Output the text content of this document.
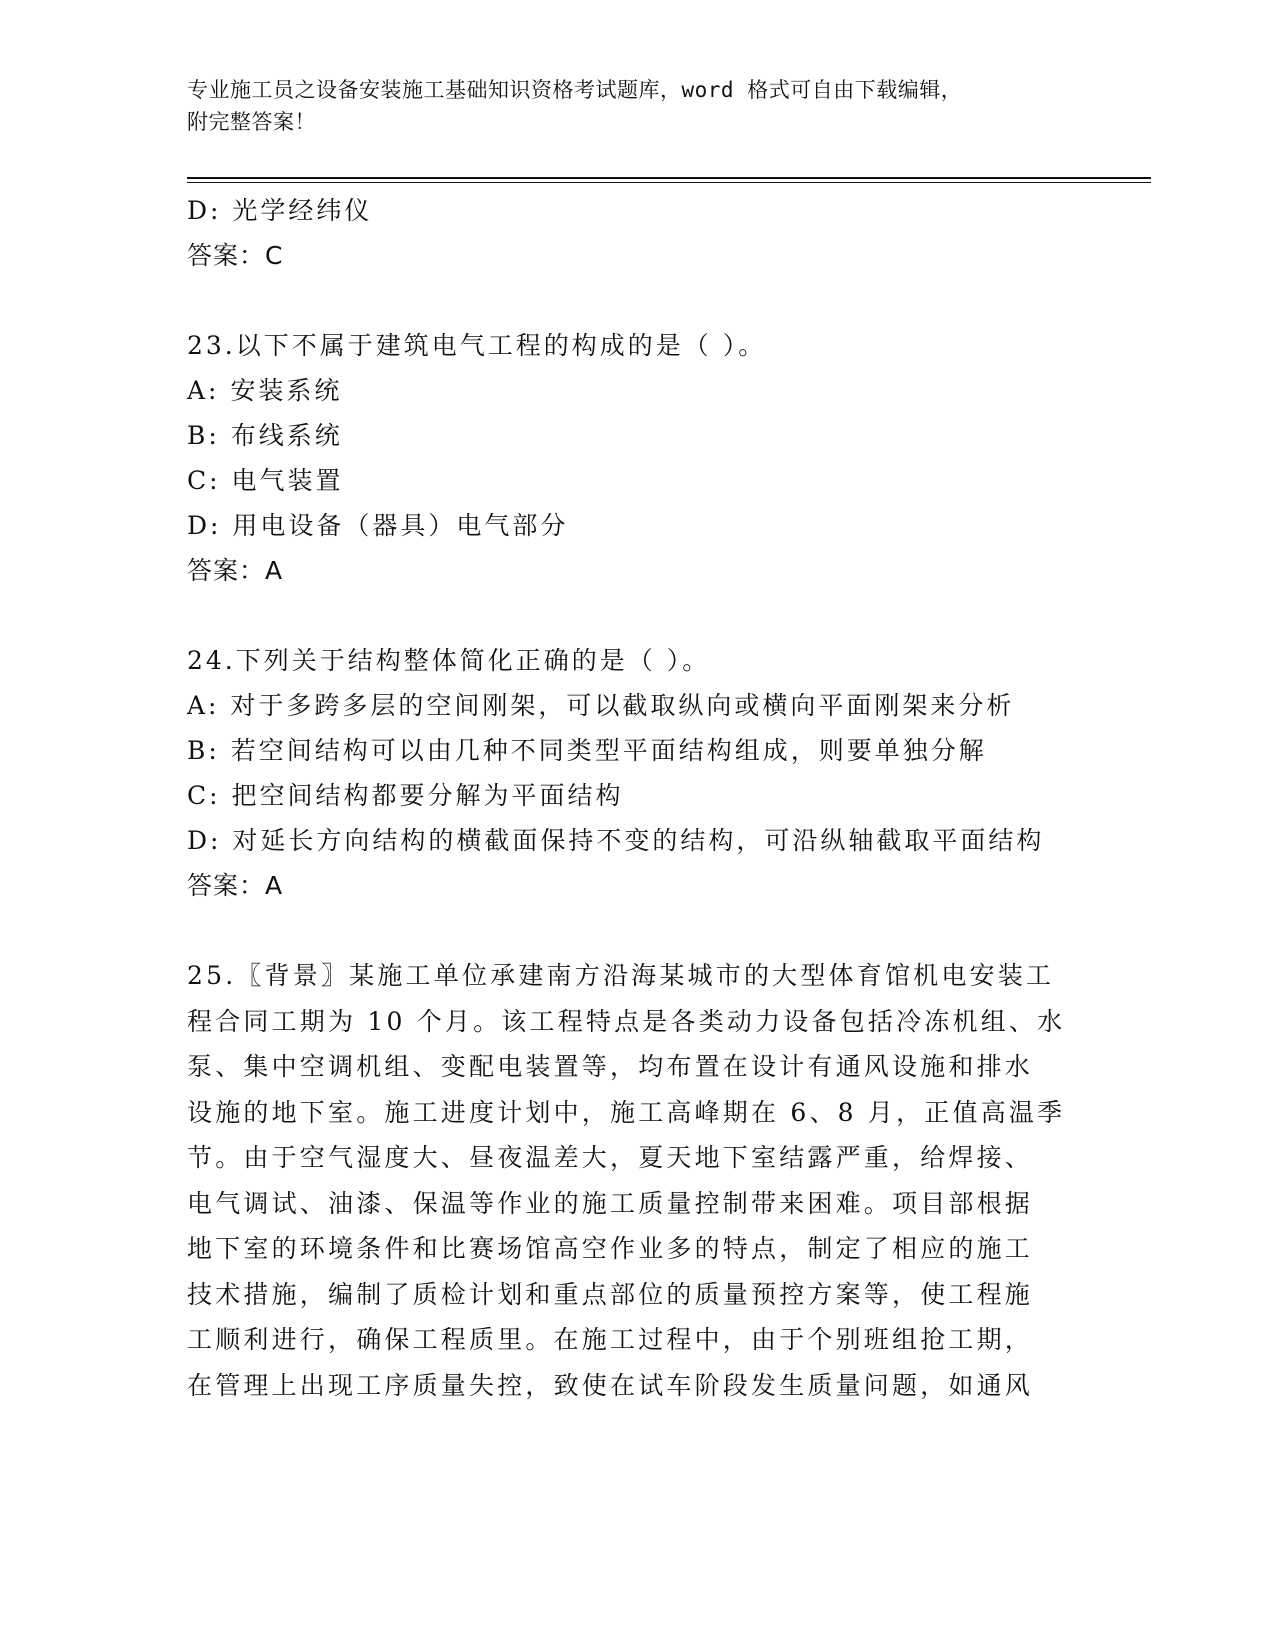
专业施工员之设备安装施工基础知识资格考试题库，word 格式可自由下载编辑，
附完整答案！
D: 光学经纬仪
答案：C
23.以下不属于建筑电气工程的构成的是（ ）。
A: 安装系统
B: 布线系统
C: 电气装置
D: 用电设备（器具）电气部分
答案：A
24.下列关于结构整体简化正确的是（ ）。
A: 对于多跨多层的空间刚架，可以截取纵向或横向平面刚架来分析
B: 若空间结构可以由几种不同类型平面结构组成，则要单独分解
C: 把空间结构都要分解为平面结构
D: 对延长方向结构的横截面保持不变的结构，可沿纵轴截取平面结构
答案：A
25.〖背景〗某施工单位承建南方沿海某城市的大型体育馆机电安装工
程合同工期为 10 个月。该工程特点是各类动力设备包括冷冻机组、水
泵、集中空调机组、变配电装置等，均布置在设计有通风设施和排水
设施的地下室。施工进度计划中，施工高峰期在 6、8 月，正值高温季
节。由于空气湿度大、昼夜温差大，夏天地下室结露严重，给焊接、
电气调试、油漆、保温等作业的施工质量控制带来困难。项目部根据
地下室的环境条件和比赛场馆高空作业多的特点，制定了相应的施工
技术措施，编制了质检计划和重点部位的质量预控方案等，使工程施
工顺利进行，确保工程质里。在施工过程中，由于个别班组抢工期，
在管理上出现工序质量失控，致使在试车阶段发生质量问题，如通风
